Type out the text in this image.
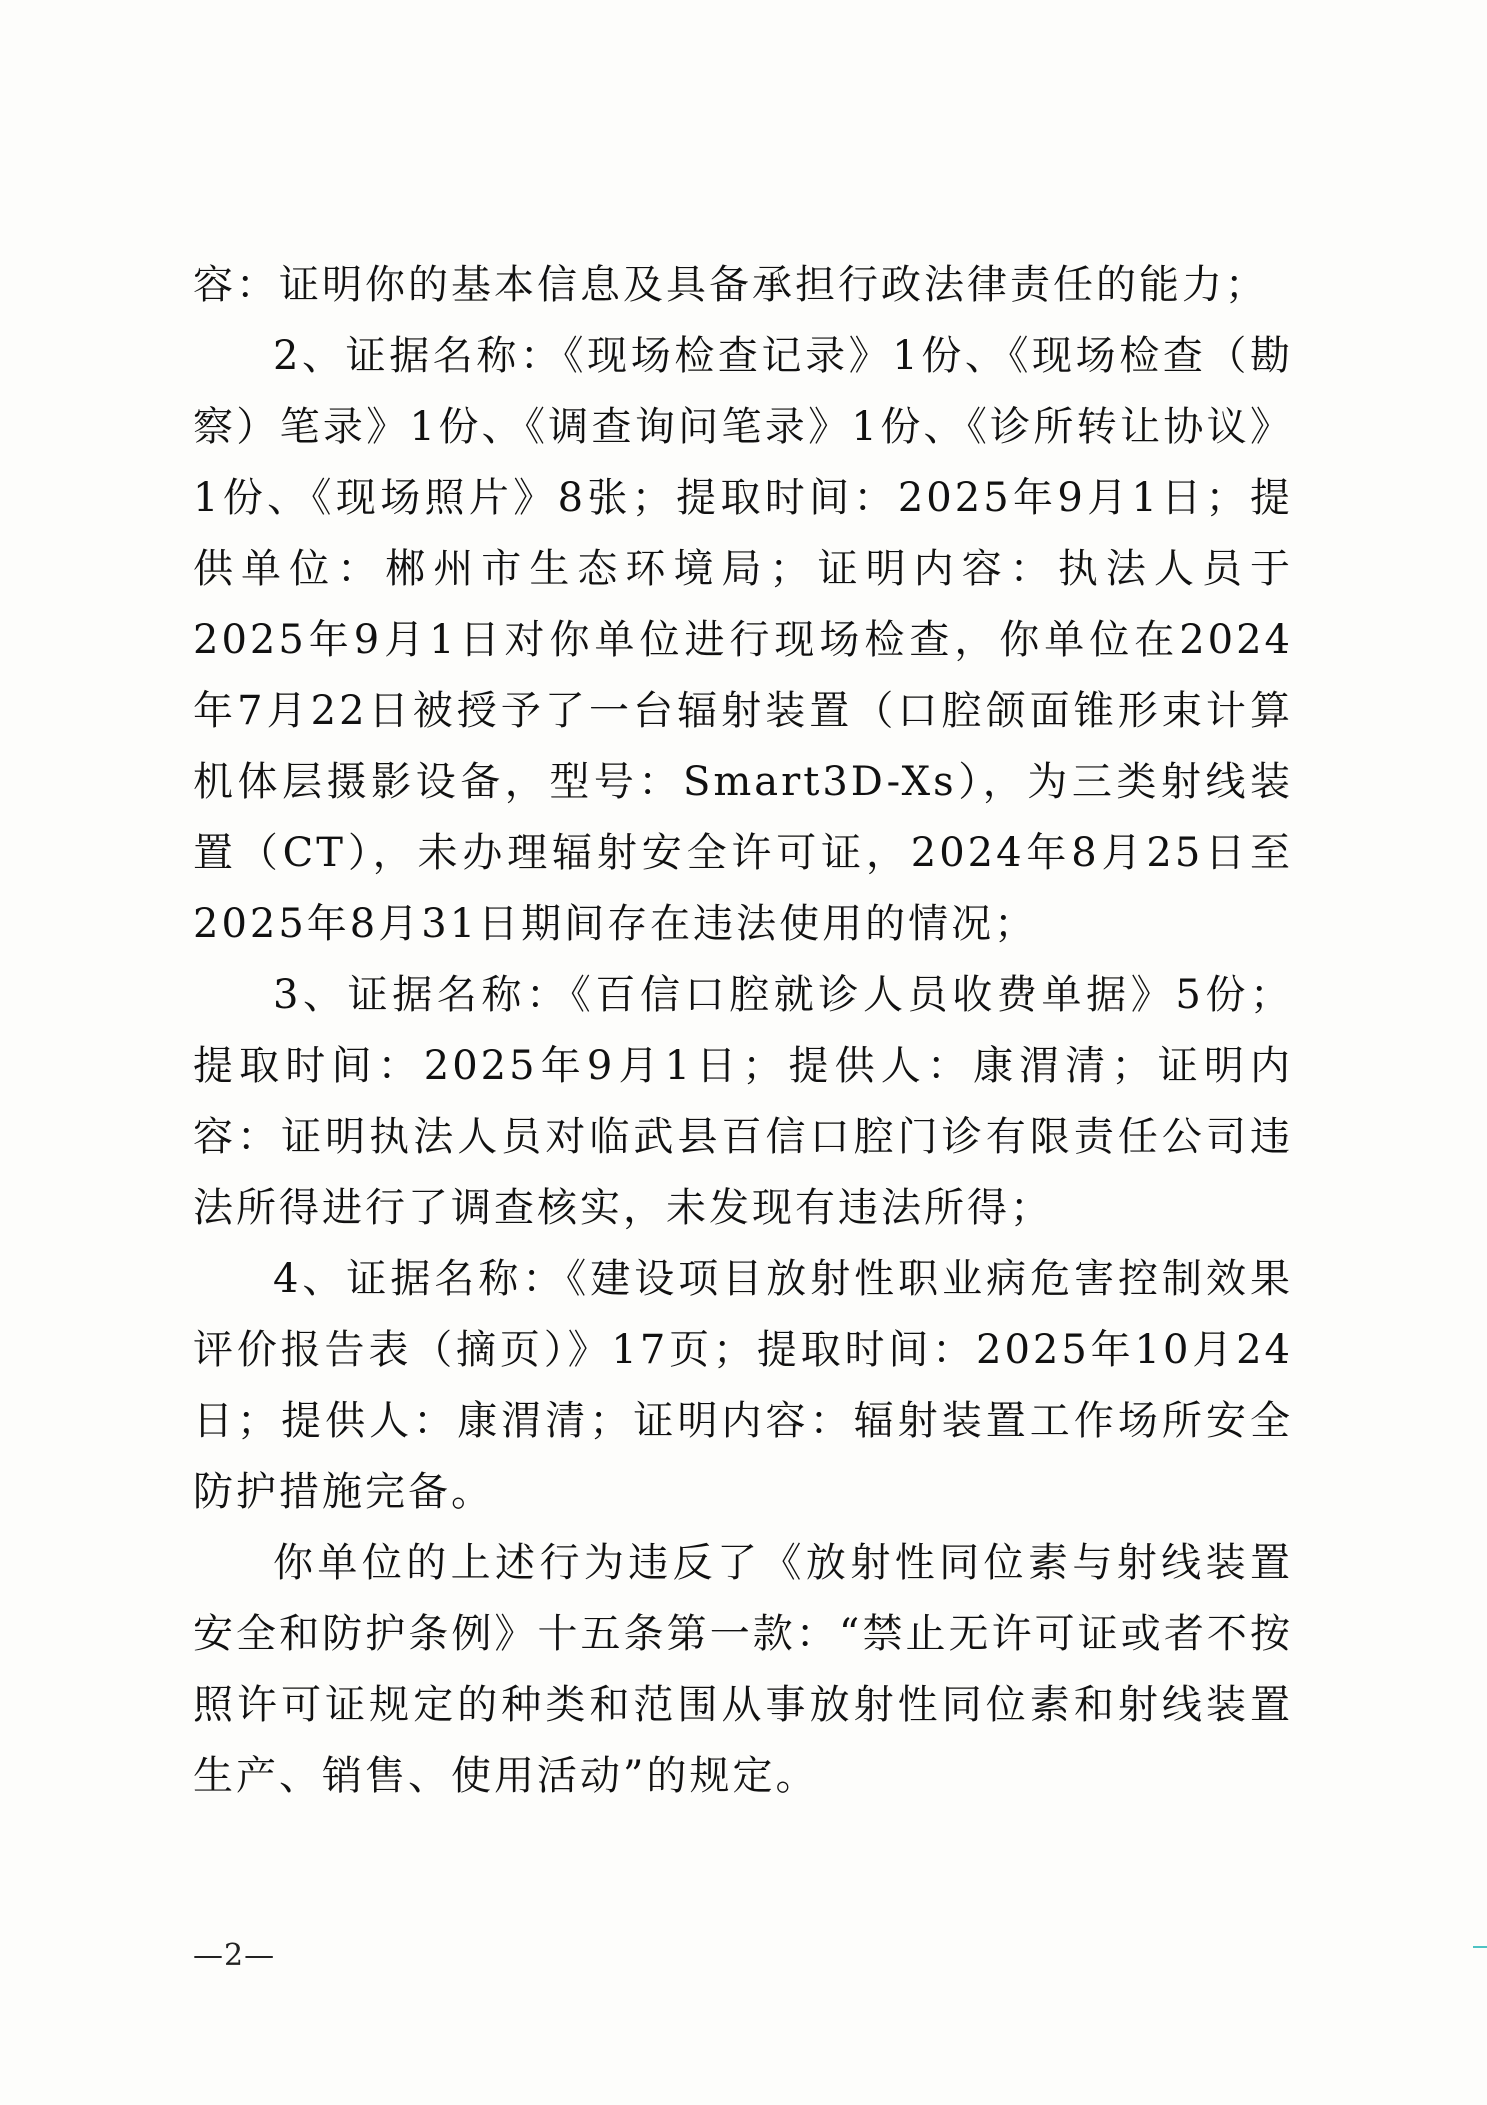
容：证明你的基本信息及具备承担行政法律责任的能力；

2、证据名称：《现场检查记录》1份、《现场检查（勘察）笔录》1份、《调查询问笔录》1份、《诊所转让协议》1份、《现场照片》8张；提取时间：2025年9月1日；提供单位：郴州市生态环境局；证明内容：执法人员于2025年9月1日对你单位进行现场检查，你单位在2024年7月22日被授予了一台辐射装置（口腔颌面锥形束计算机体层摄影设备，型号：Smart3D-Xs），为三类射线装置（CT），未办理辐射安全许可证，2024年8月25日至2025年8月31日期间存在违法使用的情况；

3、证据名称：《百信口腔就诊人员收费单据》5份；提取时间：2025年9月1日；提供人：康渭清；证明内容：证明执法人员对临武县百信口腔门诊有限责任公司违法所得进行了调查核实，未发现有违法所得；

4、证据名称：《建设项目放射性职业病危害控制效果评价报告表（摘页）》17页；提取时间：2025年10月24日；提供人：康渭清；证明内容：辐射装置工作场所安全防护措施完备。

你单位的上述行为违反了《放射性同位素与射线装置安全和防护条例》十五条第一款：“禁止无许可证或者不按照许可证规定的种类和范围从事放射性同位素和射线装置生产、销售、使用活动”的规定。

—2—
